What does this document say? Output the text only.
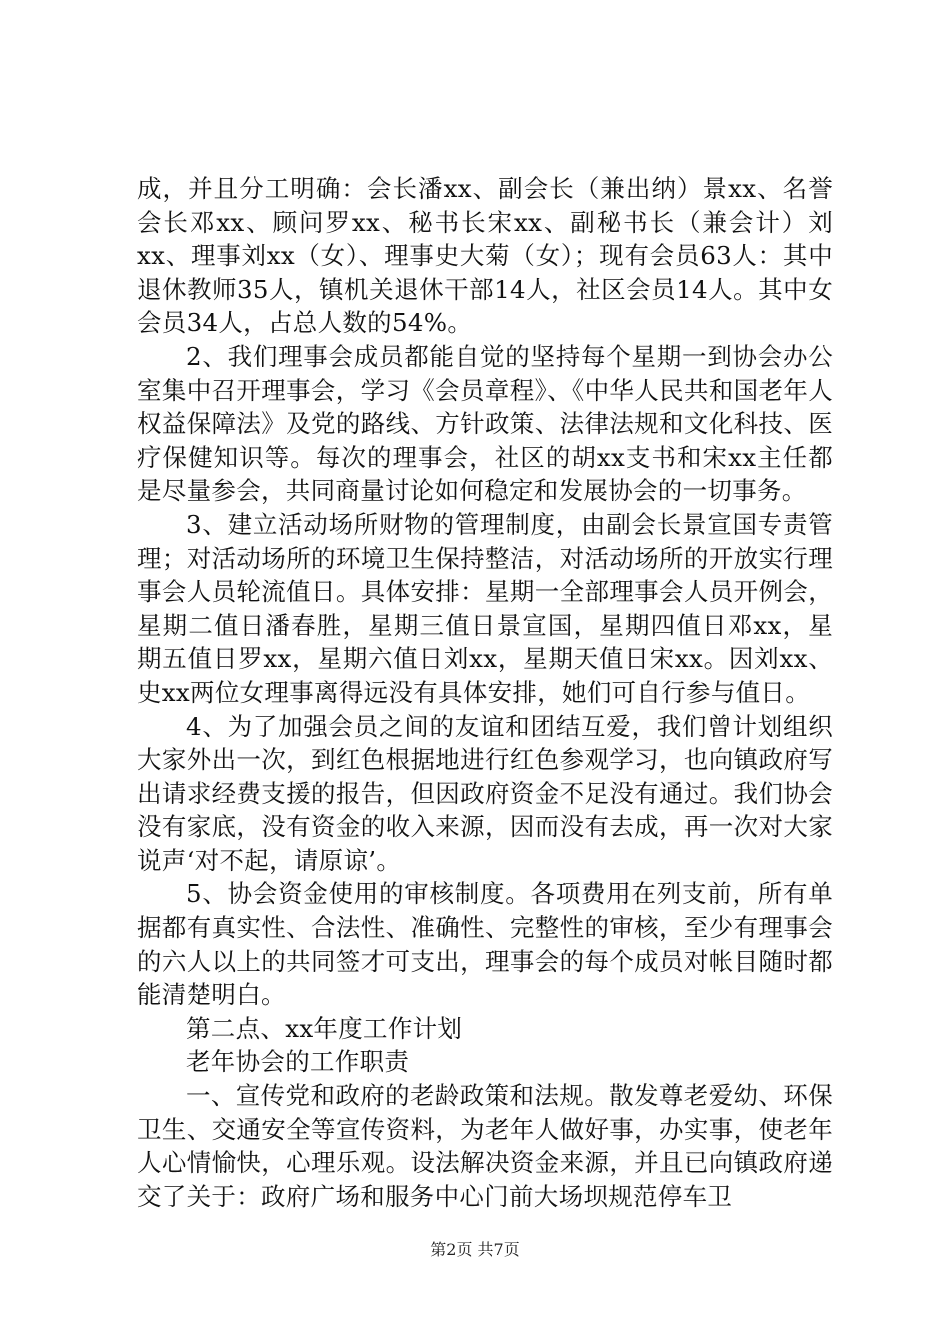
成，并且分工明确：会长潘xx、副会长（兼出纳）景xx、名誉会长邓xx、顾问罗xx、秘书长宋xx、副秘书长（兼会计）刘xx、理事刘xx（女）、理事史大菊（女）；现有会员63人：其中退休教师35人，镇机关退休干部14人，社区会员14人。其中女会员34人，占总人数的54%。

2、我们理事会成员都能自觉的坚持每个星期一到协会办公室集中召开理事会，学习《会员章程》、《中华人民共和国老年人权益保障法》及党的路线、方针政策、法律法规和文化科技、医疗保健知识等。每次的理事会，社区的胡xx支书和宋xx主任都是尽量参会，共同商量讨论如何稳定和发展协会的一切事务。

3、建立活动场所财物的管理制度，由副会长景宣国专责管理；对活动场所的环境卫生保持整洁，对活动场所的开放实行理事会人员轮流值日。具体安排：星期一全部理事会人员开例会，星期二值日潘春胜，星期三值日景宣国，星期四值日邓xx，星期五值日罗xx，星期六值日刘xx，星期天值日宋xx。因刘xx、史xx两位女理事离得远没有具体安排，她们可自行参与值日。

4、为了加强会员之间的友谊和团结互爱，我们曾计划组织大家外出一次，到红色根据地进行红色参观学习，也向镇政府写出请求经费支援的报告，但因政府资金不足没有通过。我们协会没有家底，没有资金的收入来源，因而没有去成，再一次对大家说声‘对不起，请原谅’。

5、协会资金使用的审核制度。各项费用在列支前，所有单据都有真实性、合法性、准确性、完整性的审核，至少有理事会的六人以上的共同签才可支出，理事会的每个成员对帐目随时都能清楚明白。

第二点、xx年度工作计划

老年协会的工作职责

一、宣传党和政府的老龄政策和法规。散发尊老爱幼、环保卫生、交通安全等宣传资料，为老年人做好事，办实事，使老年人心情愉快，心理乐观。设法解决资金来源，并且已向镇政府递交了关于：政府广场和服务中心门前大场坝规范停车卫

第2页 共7页
